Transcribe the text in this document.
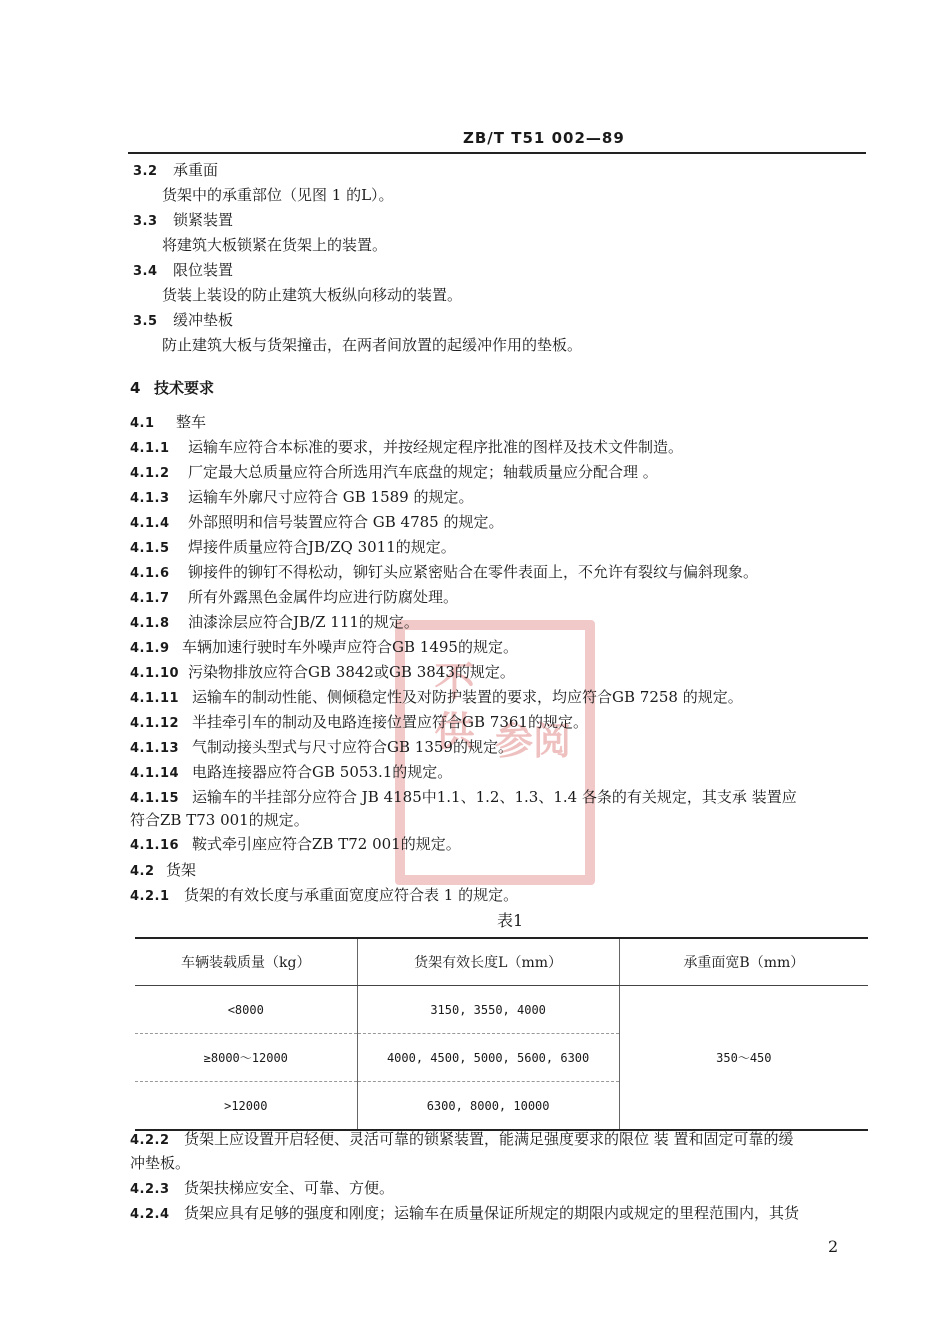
ZB/T T51 002—89
不供 参阅
3.2 承重面
货架中的承重部位（见图 1 的L）。
3.3 锁紧装置
将建筑大板锁紧在货架上的装置。
3.4 限位装置
货装上装设的防止建筑大板纵向移动的装置。
3.5 缓冲垫板
防止建筑大板与货架撞击，在两者间放置的起缓冲作用的垫板。
4 技术要求
4.1 整车
4.1.1 运输车应符合本标准的要求，并按经规定程序批准的图样及技术文件制造。
4.1.2 厂定最大总质量应符合所选用汽车底盘的规定；轴载质量应分配合理 。
4.1.3 运输车外廓尺寸应符合 GB 1589 的规定。
4.1.4 外部照明和信号装置应符合 GB 4785 的规定。
4.1.5 焊接件质量应符合JB/ZQ 3011的规定。
4.1.6 铆接件的铆钉不得松动，铆钉头应紧密贴合在零件表面上，不允许有裂纹与偏斜现象。
4.1.7 所有外露黑色金属件均应进行防腐处理。
4.1.8 油漆涂层应符合JB/Z 111的规定。
4.1.9 车辆加速行驶时车外噪声应符合GB 1495的规定。
4.1.10 污染物排放应符合GB 3842或GB 3843的规定。
4.1.11 运输车的制动性能、侧倾稳定性及对防护装置的要求，均应符合GB 7258 的规定。
4.1.12 半挂牵引车的制动及电路连接位置应符合GB 7361的规定。
4.1.13 气制动接头型式与尺寸应符合GB 1359的规定。
4.1.14 电路连接器应符合GB 5053.1的规定。
4.1.15 运输车的半挂部分应符合 JB 4185中1.1、1.2、1.3、1.4 各条的有关规定，其支承 装置应
符合ZB T73 001的规定。
4.1.16 鞍式牵引座应符合ZB T72 001的规定。
4.2 货架
4.2.1 货架的有效长度与承重面宽度应符合表 1 的规定。
表1
车辆装载质量（kg）	货架有效长度L（mm）	承重面宽B（mm）
<8000	3150, 3550, 4000	350～450
≥8000～12000	4000, 4500, 5000, 5600, 6300	
>12000	6300, 8000, 10000	
4.2.2 货架上应设置开启轻便、灵活可靠的锁紧装置，能满足强度要求的限位 装 置和固定可靠的缓
冲垫板。
4.2.3 货架扶梯应安全、可靠、方便。
4.2.4 货架应具有足够的强度和刚度；运输车在质量保证所规定的期限内或规定的里程范围内，其货
2
